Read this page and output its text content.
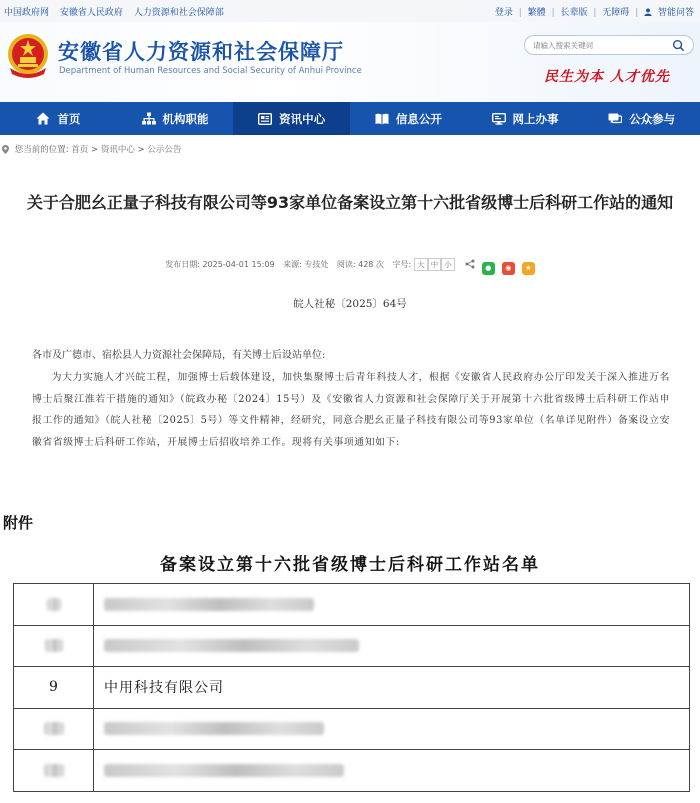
中国政府网 安徽省人民政府 人力资源和社会保障部	登录 | 繁體 | 长辈版 | 无障碍 | 智能问答
安徽省人力资源和社会保障厅
Department of Human Resources and Social Security of Anhui Province
请输入搜索关键词	民生为本 人才优先
首页	机构职能	资讯中心	信息公开	网上办事	公众参与
您当前的位置: 首页 > 资讯中心 > 公示公告
关于合肥幺正量子科技有限公司等93家单位备案设立第十六批省级博士后科研工作站的通知
发布日期: 2025-04-01 15:09 来源: 专技处 阅读: 428 次 字号: 大 中 小	● ◉ ★
皖人社秘〔2025〕64号
各市及广德市、宿松县人力资源社会保障局，有关博士后设站单位:
为大力实施人才兴皖工程，加强博士后载体建设，加快集聚博士后青年科技人才，根据《安徽省人民政府办公厅印发关于深入推进万名博士后聚江淮若干措施的通知》（皖政办秘〔2024〕15号）及《安徽省人力资源和社会保障厅关于开展第十六批省级博士后科研工作站申报工作的通知》（皖人社秘〔2025〕5号）等文件精神，经研究，同意合肥幺正量子科技有限公司等93家单位（名单详见附件）备案设立安徽省省级博士后科研工作站，开展博士后招收培养工作。现将有关事项通知如下:
附件
备案设立第十六批省级博士后科研工作站名单

9	中用科技有限公司
